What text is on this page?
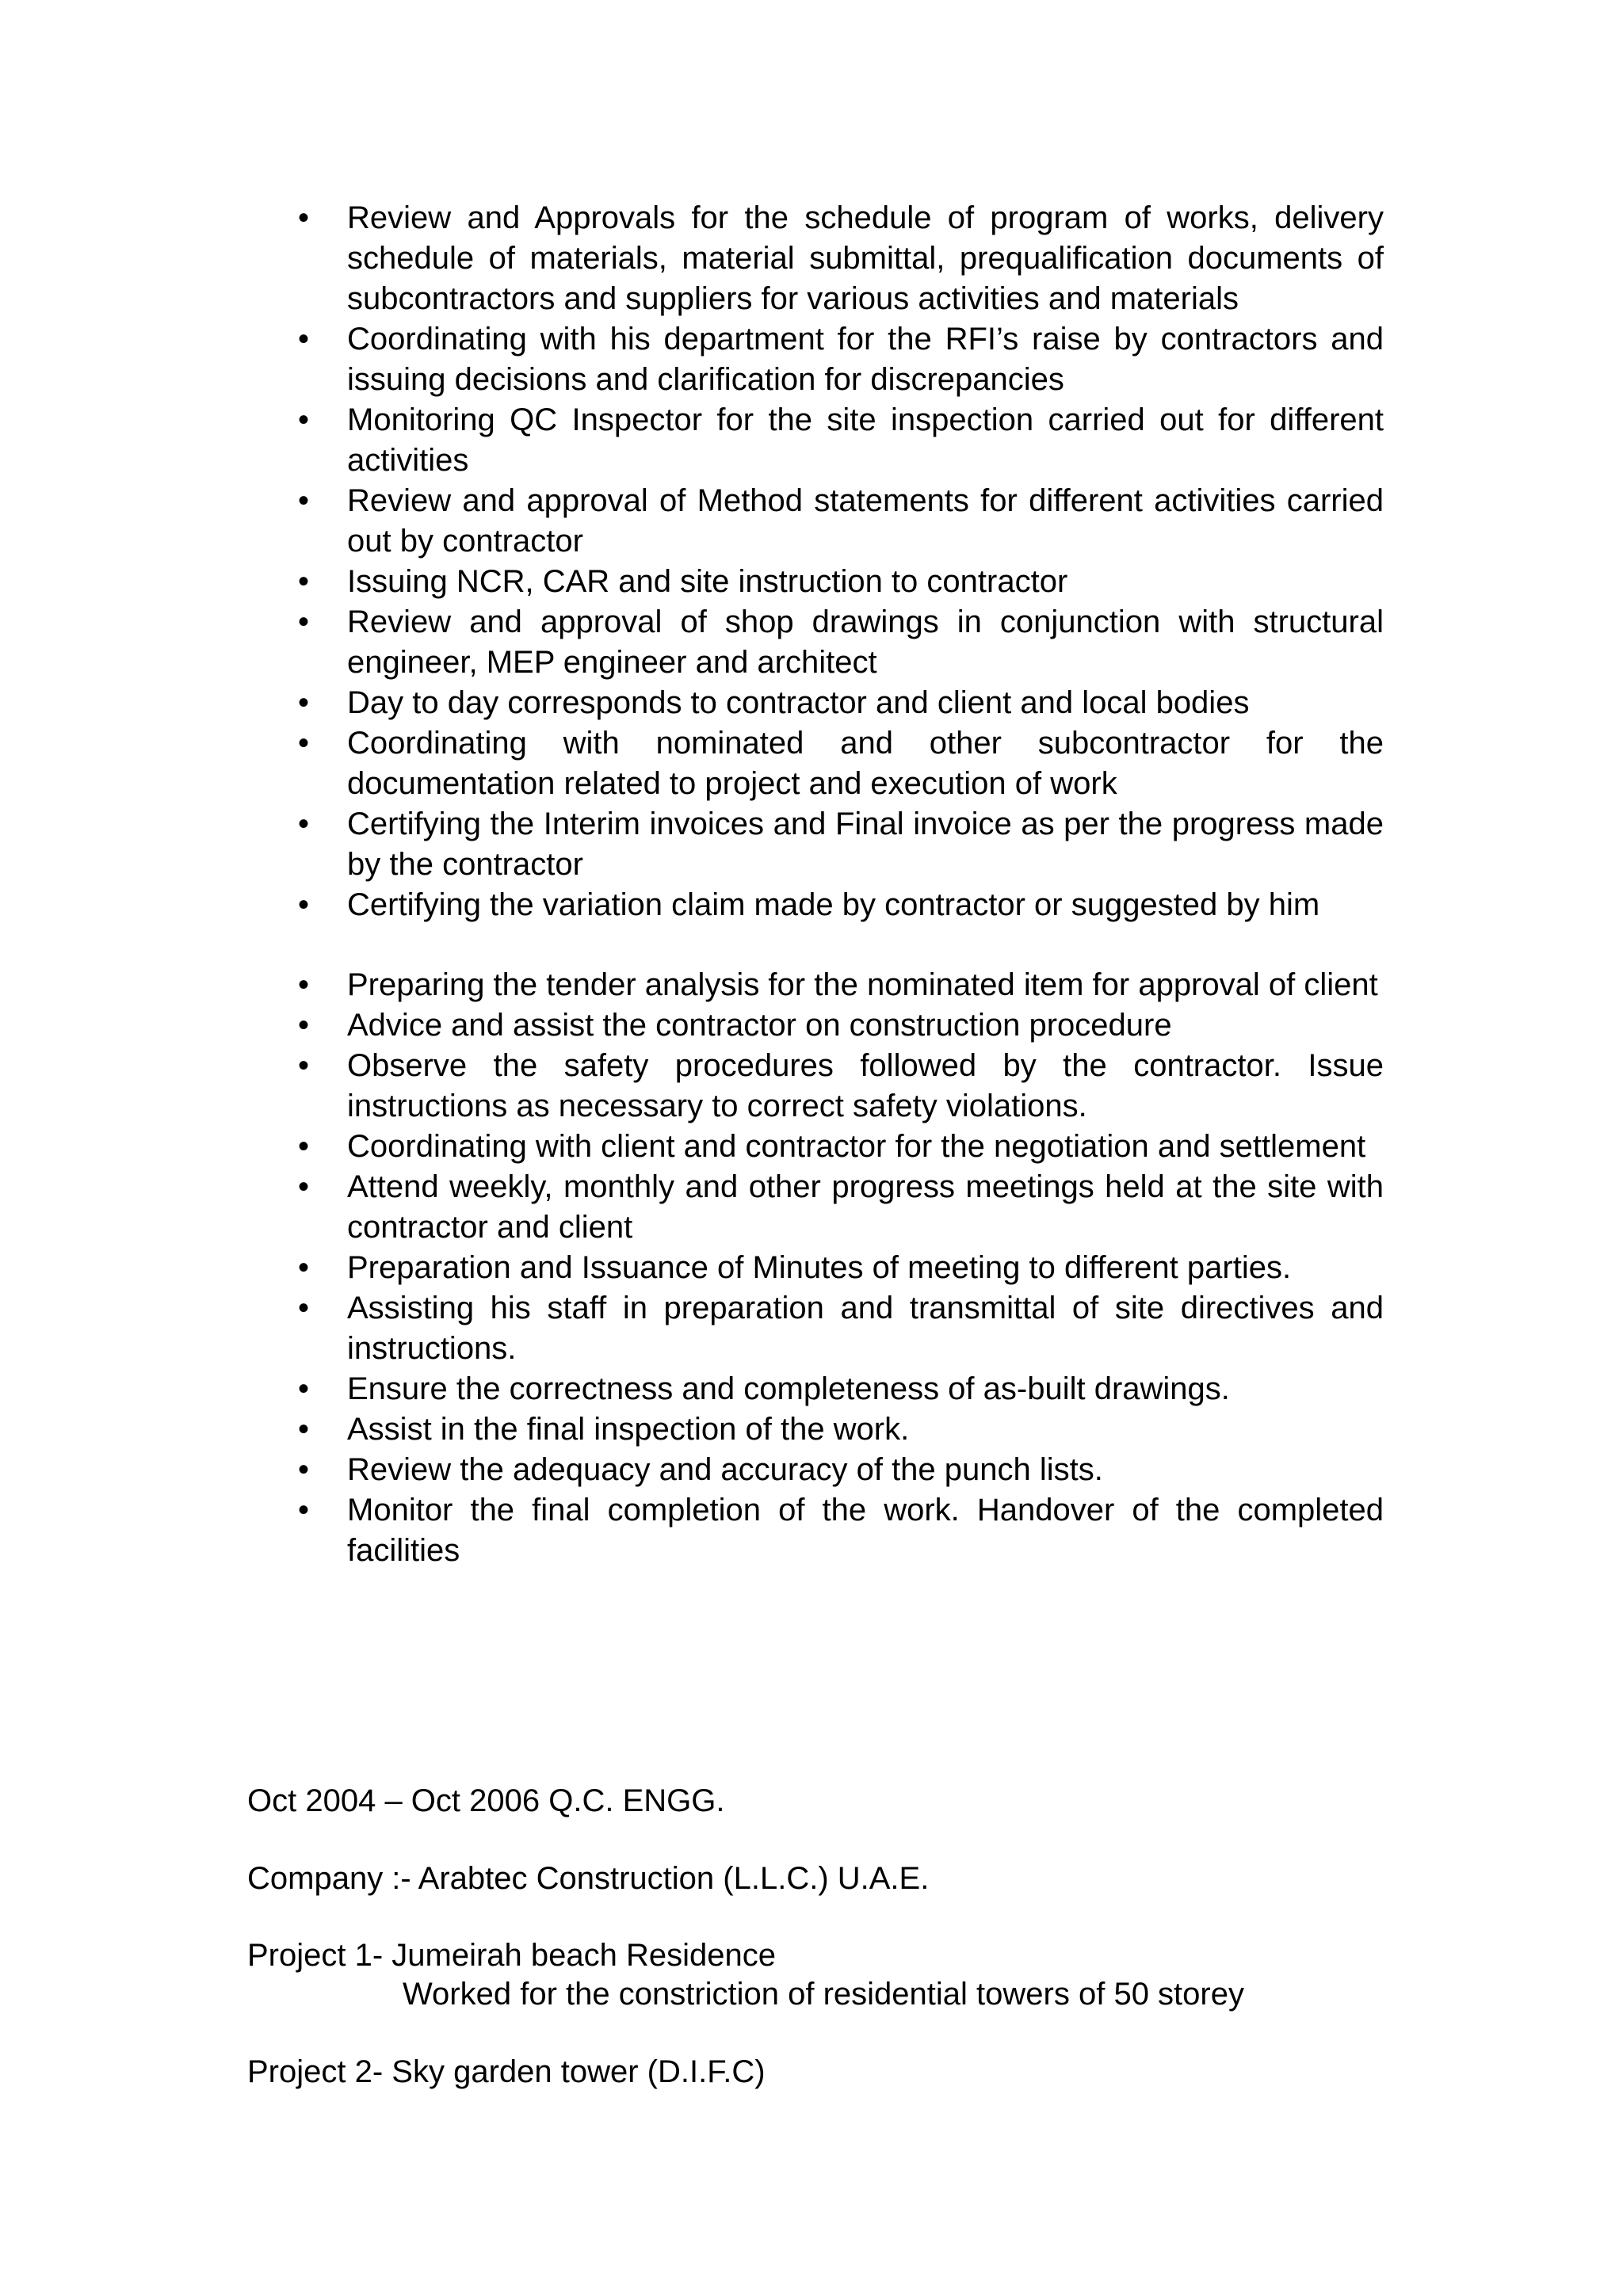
• Review and Approvals for the schedule of program of works, delivery schedule of materials, material submittal, prequalification documents of subcontractors and suppliers for various activities and materials
• Coordinating with his department for the RFI’s raise by contractors and issuing decisions and clarification for discrepancies
• Monitoring QC Inspector for the site inspection carried out for different activities
• Review and approval of Method statements for different activities carried out by contractor
• Issuing NCR, CAR and site instruction to contractor
• Review and approval of shop drawings in conjunction with structural engineer, MEP engineer and architect
• Day to day corresponds to contractor and client and local bodies
• Coordinating with nominated and other subcontractor for the documentation related to project and execution of work
• Certifying the Interim invoices and Final invoice as per the progress made by the contractor
• Certifying the variation claim made by contractor or suggested by him
• Preparing the tender analysis for the nominated item for approval of client
• Advice and assist the contractor on construction procedure
• Observe the safety procedures followed by the contractor. Issue instructions as necessary to correct safety violations.
• Coordinating with client and contractor for the negotiation and settlement
• Attend weekly, monthly and other progress meetings held at the site with contractor and client
• Preparation and Issuance of Minutes of meeting to different parties.
• Assisting his staff in preparation and transmittal of site directives and instructions.
• Ensure the correctness and completeness of as-built drawings.
• Assist in the final inspection of the work.
• Review the adequacy and accuracy of the punch lists.
• Monitor the final completion of the work. Handover of the completed facilities
Oct 2004 – Oct 2006 Q.C. ENGG.
Company :- Arabtec Construction (L.L.C.) U.A.E.
Project 1- Jumeirah beach Residence
Worked for the constriction of residential towers of 50 storey
Project 2- Sky garden tower (D.I.F.C)
